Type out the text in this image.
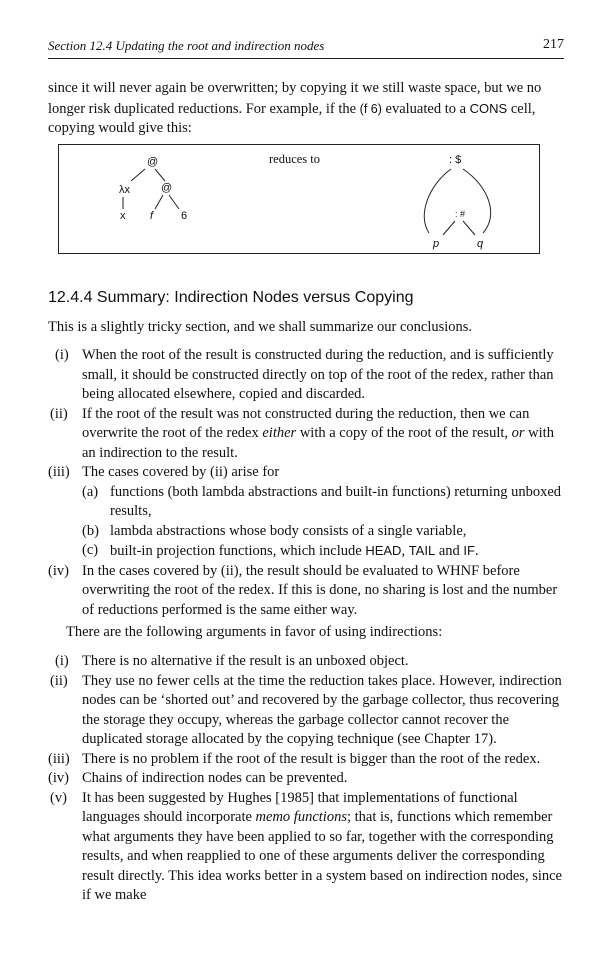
Section 12.4 Updating the root and indirection nodes	217

since it will never again be overwritten; by copying it we still waste space, but we no longer risk duplicated reductions. For example, if the (f 6) evaluated to a CONS cell, copying would give this:

@
λx	@
x f	6
reduces to	: $
: #
p	q
12.4.4 Summary: Indirection Nodes versus Copying

This is a slightly tricky section, and we shall summarize our conclusions.

(i) When the root of the result is constructed during the reduction, and is sufficiently small, it should be constructed directly on top of the root of the redex, rather than being allocated elsewhere, copied and discarded.
(ii) If the root of the result was not constructed during the reduction, then we can overwrite the root of the redex either with a copy of the root of the result, or with an indirection to the result.
(iii) The cases covered by (ii) arise for
(a) functions (both lambda abstractions and built-in functions) returning unboxed results,
(b) lambda abstractions whose body consists of a single variable,
(c) built-in projection functions, which include HEAD, TAIL and IF.
(iv) In the cases covered by (ii), the result should be evaluated to WHNF before overwriting the root of the redex. If this is done, no sharing is lost and the number of reductions performed is the same either way.

There are the following arguments in favor of using indirections:

(i) There is no alternative if the result is an unboxed object.
(ii) They use no fewer cells at the time the reduction takes place. However, indirection nodes can be ‘shorted out’ and recovered by the garbage collector, thus recovering the storage they occupy, whereas the garbage collector cannot recover the duplicated storage allocated by the copying technique (see Chapter 17).
(iii) There is no problem if the root of the result is bigger than the root of the redex.
(iv) Chains of indirection nodes can be prevented.
(v) It has been suggested by Hughes [1985] that implementations of functional languages should incorporate memo functions; that is, functions which remember what arguments they have been applied to so far, together with the corresponding results, and when reapplied to one of these arguments deliver the corresponding result directly. This idea works better in a system based on indirection nodes, since if we make
